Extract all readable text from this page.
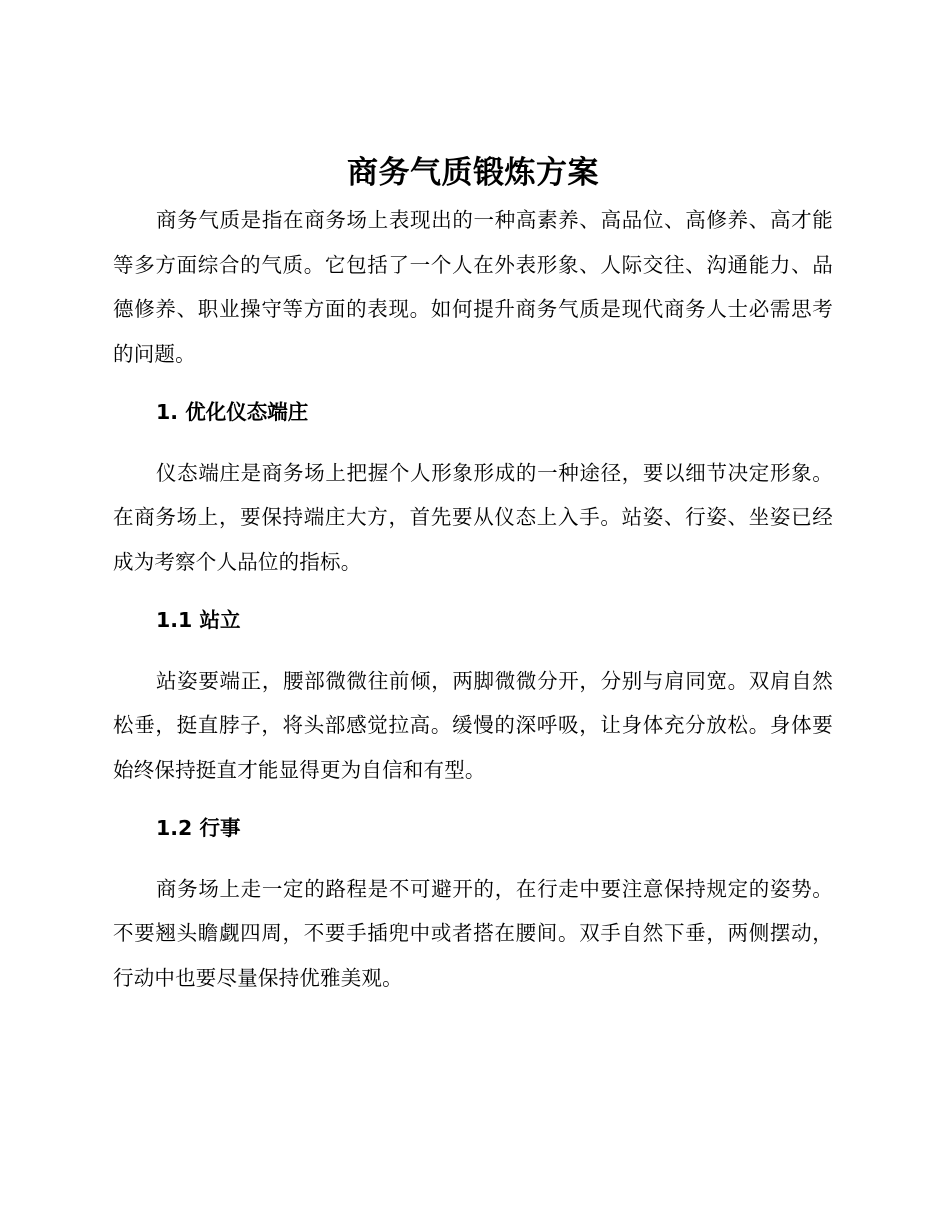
商务气质锻炼方案

商务气质是指在商务场上表现出的一种高素养、高品位、高修养、高才能等多方面综合的气质。它包括了一个人在外表形象、人际交往、沟通能力、品德修养、职业操守等方面的表现。如何提升商务气质是现代商务人士必需思考的问题。

1. 优化仪态端庄

仪态端庄是商务场上把握个人形象形成的一种途径，要以细节决定形象。在商务场上，要保持端庄大方，首先要从仪态上入手。站姿、行姿、坐姿已经成为考察个人品位的指标。

1.1 站立

站姿要端正，腰部微微往前倾，两脚微微分开，分别与肩同宽。双肩自然松垂，挺直脖子，将头部感觉拉高。缓慢的深呼吸，让身体充分放松。身体要始终保持挺直才能显得更为自信和有型。

1.2 行事

商务场上走一定的路程是不可避开的，在行走中要注意保持规定的姿势。不要翘头瞻觑四周，不要手插兜中或者搭在腰间。双手自然下垂，两侧摆动，行动中也要尽量保持优雅美观。
